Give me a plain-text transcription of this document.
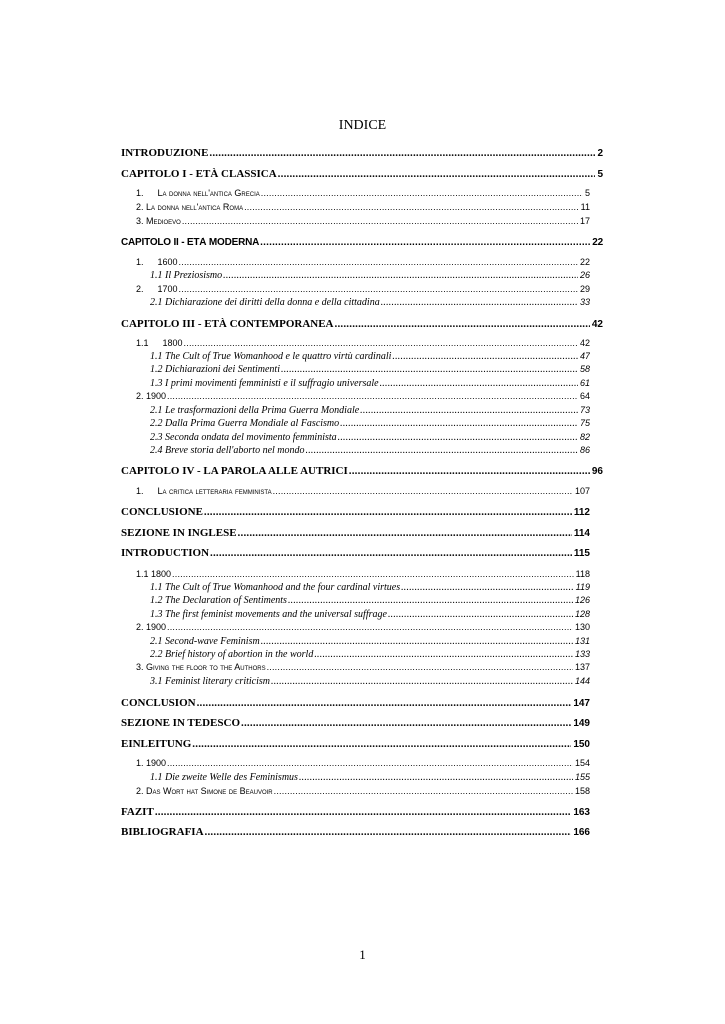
INDICE
INTRODUZIONE .....	2
CAPITOLO I - ETÀ CLASSICA .....	5
1. La donna nell'antica Grecia .....	5
2. La donna nell'antica Roma .....	11
3. Medioevo .....	17
CAPITOLO II - ETÀ MODERNA .....	22
1. 1600 .....	22
1.1 Il Preziosismo .....	26
2. 1700 .....	29
2.1 Dichiarazione dei diritti della donna e della cittadina .....	33
CAPITOLO III - ETÀ CONTEMPORANEA .....	42
1.1 1800 .....	42
1.1 The Cult of True Womanhood e le quattro virtù cardinali .....	47
1.2 Dichiarazioni dei Sentimenti .....	58
1.3 I primi movimenti femministi e il suffragio universale .....	61
2. 1900 .....	64
2.1 Le trasformazioni della Prima Guerra Mondiale .....	73
2.2 Dalla Prima Guerra Mondiale al Fascismo .....	75
2.3 Seconda ondata del movimento femminista .....	82
2.4 Breve storia dell'aborto nel mondo .....	86
CAPITOLO IV - LA PAROLA ALLE AUTRICI .....	96
1. La critica letteraria femminista .....	107
CONCLUSIONE .....	112
SEZIONE IN INGLESE .....	114
INTRODUCTION .....	115
1.1 1800 .....	118
1.1 The Cult of True Womanhood and the four cardinal virtues .....	119
1.2 The Declaration of Sentiments .....	126
1.3 The first feminist movements and the universal suffrage .....	128
2. 1900 .....	130
2.1 Second-wave Feminism .....	131
2.2 Brief history of abortion in the world .....	133
3. Giving the floor to the Authors .....	137
3.1 Feminist literary criticism .....	144
CONCLUSION .....	147
SEZIONE IN TEDESCO .....	149
EINLEITUNG .....	150
1. 1900 .....	154
1.1 Die zweite Welle des Feminismus .....	155
2. Das Wort hat Simone de Beauvoir .....	158
FAZIT .....	163
BIBLIOGRAFIA .....	166
1
